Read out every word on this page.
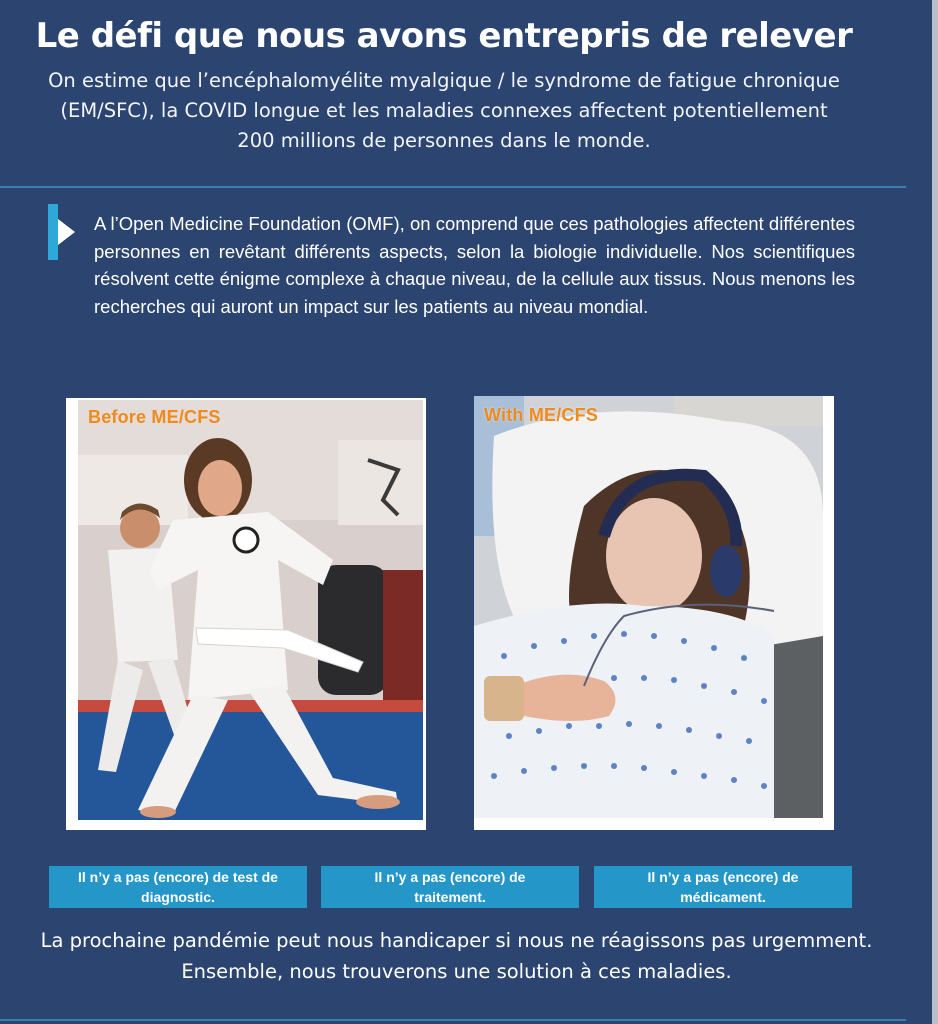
Le défi que nous avons entrepris de relever

On estime que l’encéphalomyélite myalgique / le syndrome de fatigue chronique (EM/SFC), la COVID longue et les maladies connexes affectent potentiellement 200 millions de personnes dans le monde.

A l’Open Medicine Foundation (OMF), on comprend que ces pathologies affectent différentes personnes en revêtant différents aspects, selon la biologie individuelle. Nos scientifiques résolvent cette énigme complexe à chaque niveau, de la cellule aux tissus. Nous menons les recherches qui auront un impact sur les patients au niveau mondial.

Before ME/CFS	With ME/CFS
Il n’y a pas (encore) de test de diagnostic.
Il n’y a pas (encore) de traitement.
Il n’y a pas (encore) de médicament.

La prochaine pandémie peut nous handicaper si nous ne réagissons pas urgemment.
Ensemble, nous trouverons une solution à ces maladies.
